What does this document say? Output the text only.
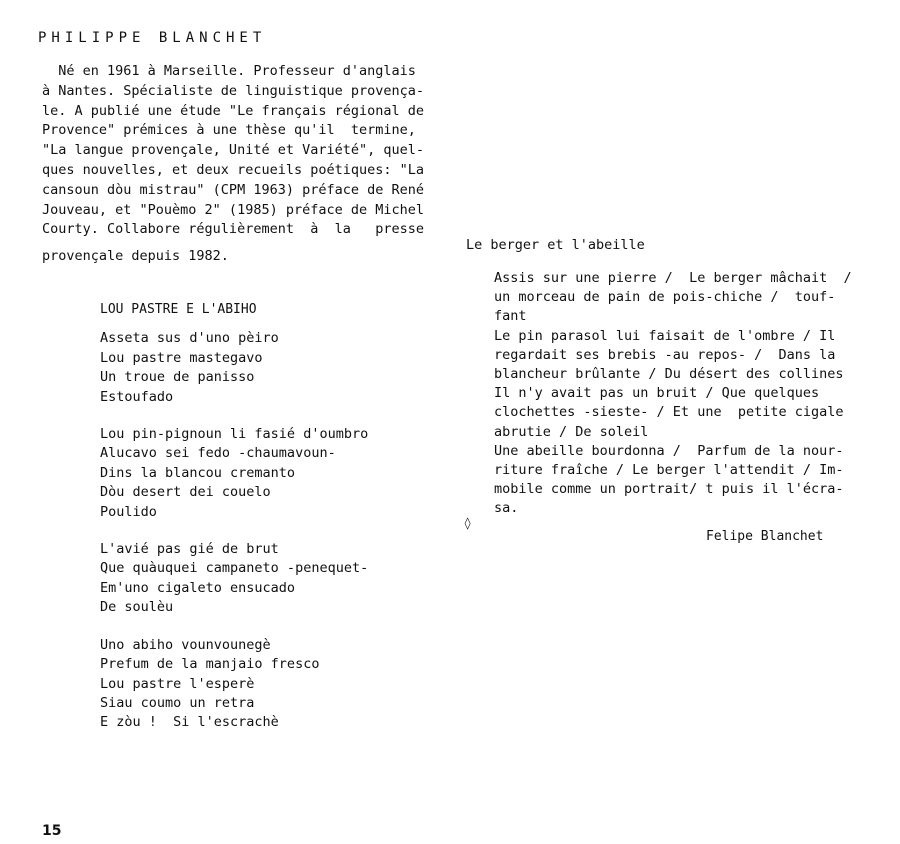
PHILIPPE BLANCHET
Né en 1961 à Marseille. Professeur d'anglais
à Nantes. Spécialiste de linguistique provença-
le. A publié une étude "Le français régional de
Provence" prémices à une thèse qu'il  termine,
"La langue provençale, Unité et Variété", quel-
ques nouvelles, et deux recueils poétiques: "La
cansoun dòu mistrau" (CPM 1963) préface de René
Jouveau, et "Pouèmo 2" (1985) préface de Michel
Courty. Collabore régulièrement  à  la   presse
provençale depuis 1982.
LOU PASTRE E L'ABIHO
Asseta sus d'uno pèiro
Lou pastre mastegavo
Un troue de panisso
Estoufado
Lou pin-pignoun li fasié d'oumbro
Alucavo sei fedo -chaumavoun-
Dins la blancou cremanto
Dòu desert dei couelo
Poulido
L'avié pas gié de brut
Que quàuquei campaneto -penequet-
Em'uno cigaleto ensucado
De soulèu
Uno abiho vounvounegè
Prefum de la manjaio fresco
Lou pastre l'esperè
Siau coumo un retra
E zòu !  Si l'escrachè
Le berger et l'abeille
Assis sur une pierre /  Le berger mâchait  /
un morceau de pain de pois-chiche /  touf-
fant
Le pin parasol lui faisait de l'ombre / Il
regardait ses brebis -au repos- /  Dans la
blancheur brûlante / Du désert des collines
Il n'y avait pas un bruit / Que quelques
clochettes -sieste- / Et une  petite cigale
abrutie / De soleil
Une abeille bourdonna /  Parfum de la nour-
riture fraîche / Le berger l'attendit / Im-
mobile comme un portrait/ t puis il l'écra-
sa.
◊
Felipe Blanchet
15
